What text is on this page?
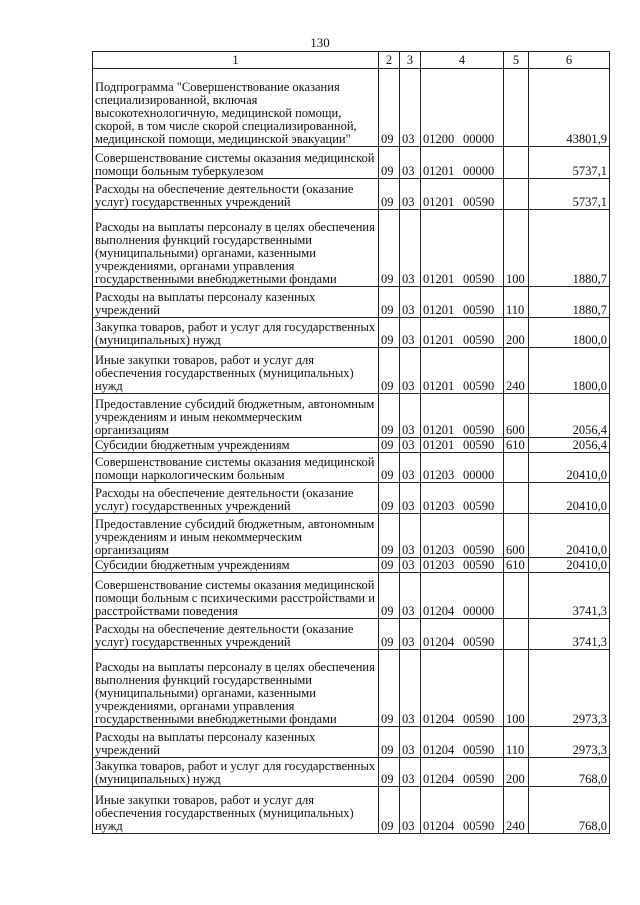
130
1	2	3	4	5	6

Подпрограмма "Совершенствование оказания специализированной, включая высокотехнологичную, медицинской помощи, скорой, в том числе скорой специализированной, медицинской помощи, медицинской эвакуации"	09	03	01200 00000		43801,9

Совершенствование системы оказания медицинской помощи больным туберкулезом	09	03	01201 00000		5737,1

Расходы на обеспечение деятельности (оказание услуг) государственных учреждений	09	03	01201 00590		5737,1

Расходы на выплаты персоналу в целях обеспечения выполнения функций государственными (муниципальными) органами, казенными учреждениями, органами управления государственными внебюджетными фондами	09	03	01201 00590	100	1880,7

Расходы на выплаты персоналу казенных учреждений	09	03	01201 00590	110	1880,7

Закупка товаров, работ и услуг для государственных (муниципальных) нужд	09	03	01201 00590	200	1800,0

Иные закупки товаров, работ и услуг для обеспечения государственных (муниципальных) нужд	09	03	01201 00590	240	1800,0

Предоставление субсидий бюджетным, автономным учреждениям и иным некоммерческим организациям	09	03	01201 00590	600	2056,4

Субсидии бюджетным учреждениям	09	03	01201 00590	610	2056,4

Совершенствование системы оказания медицинской помощи наркологическим больным	09	03	01203 00000		20410,0

Расходы на обеспечение деятельности (оказание услуг) государственных учреждений	09	03	01203 00590		20410,0

Предоставление субсидий бюджетным, автономным учреждениям и иным некоммерческим организациям	09	03	01203 00590	600	20410,0

Субсидии бюджетным учреждениям	09	03	01203 00590	610	20410,0

Совершенствование системы оказания медицинской помощи больным с психическими расстройствами и расстройствами поведения	09	03	01204 00000		3741,3

Расходы на обеспечение деятельности (оказание услуг) государственных учреждений	09	03	01204 00590		3741,3

Расходы на выплаты персоналу в целях обеспечения выполнения функций государственными (муниципальными) органами, казенными учреждениями, органами управления государственными внебюджетными фондами	09	03	01204 00590	100	2973,3

Расходы на выплаты персоналу казенных учреждений	09	03	01204 00590	110	2973,3

Закупка товаров, работ и услуг для государственных (муниципальных) нужд	09	03	01204 00590	200	768,0

Иные закупки товаров, работ и услуг для обеспечения государственных (муниципальных) нужд	09	03	01204 00590	240	768,0
